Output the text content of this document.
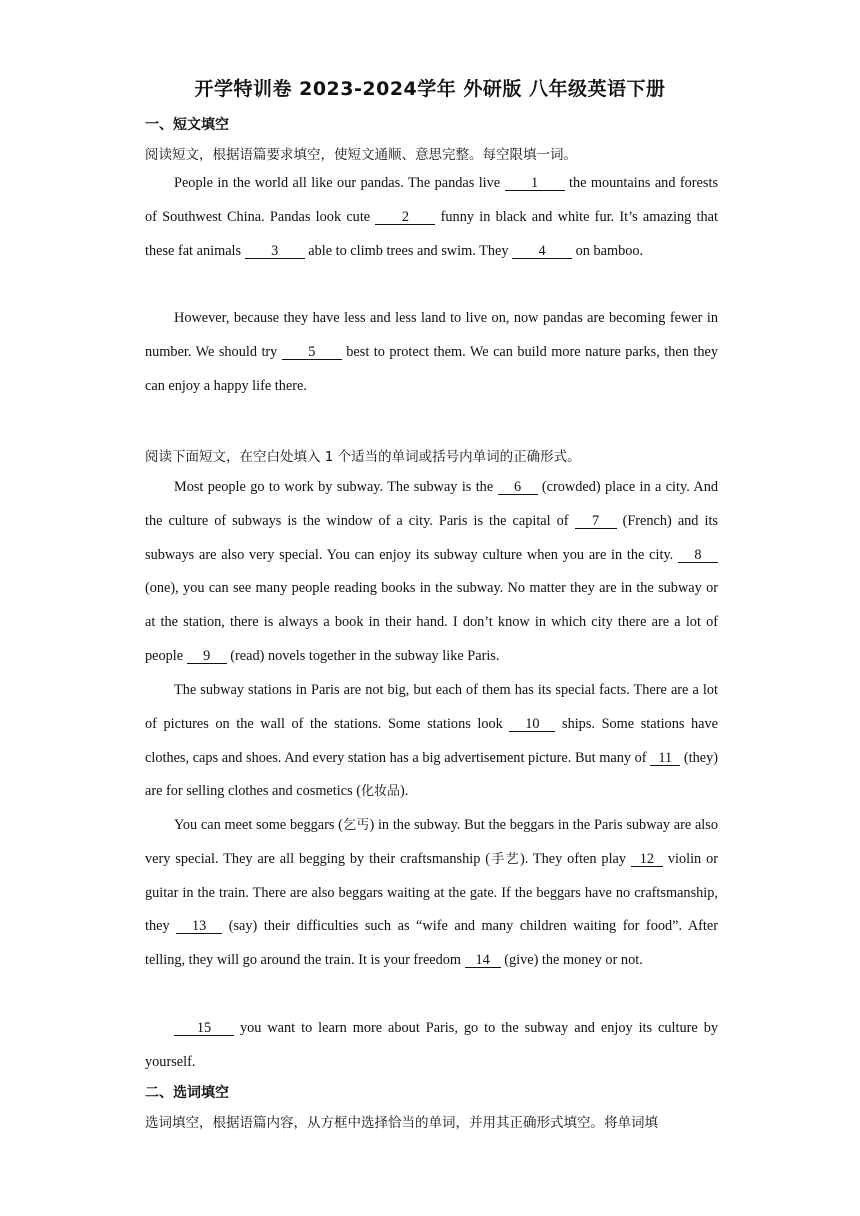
开学特训卷 2023-2024学年 外研版 八年级英语下册
一、短文填空
阅读短文，根据语篇要求填空，使短文通顺、意思完整。每空限填一词。

People in the world all like our pandas. The pandas live 1 the mountains and forests of Southwest China. Pandas look cute 2 funny in black and white fur. It’s amazing that these fat animals 3 able to climb trees and swim. They 4 on bamboo.

However, because they have less and less land to live on, now pandas are becoming fewer in number. We should try 5 best to protect them. We can build more nature parks, then they can enjoy a happy life there.

阅读下面短文，在空白处填入 1 个适当的单词或括号内单词的正确形式。

Most people go to work by subway. The subway is the 6 (crowded) place in a city. And the culture of subways is the window of a city. Paris is the capital of 7 (French) and its subways are also very special. You can enjoy its subway culture when you are in the city. 8 (one), you can see many people reading books in the subway. No matter they are in the subway or at the station, there is always a book in their hand. I don’t know in which city there are a lot of people 9 (read) novels together in the subway like Paris.

The subway stations in Paris are not big, but each of them has its special facts. There are a lot of pictures on the wall of the stations. Some stations look 10 ships. Some stations have clothes, caps and shoes. And every station has a big advertisement picture. But many of 11 (they) are for selling clothes and cosmetics (化妆品).

You can meet some beggars (乞丐) in the subway. But the beggars in the Paris subway are also very special. They are all begging by their craftsmanship (手艺). They often play 12 violin or guitar in the train. There are also beggars waiting at the gate. If the beggars have no craftsmanship, they 13 (say) their difficulties such as “wife and many children waiting for food”. After telling, they will go around the train. It is your freedom 14 (give) the money or not.

15 you want to learn more about Paris, go to the subway and enjoy its culture by yourself.

二、选词填空
选词填空，根据语篇内容，从方框中选择恰当的单词，并用其正确形式填空。将单词填
